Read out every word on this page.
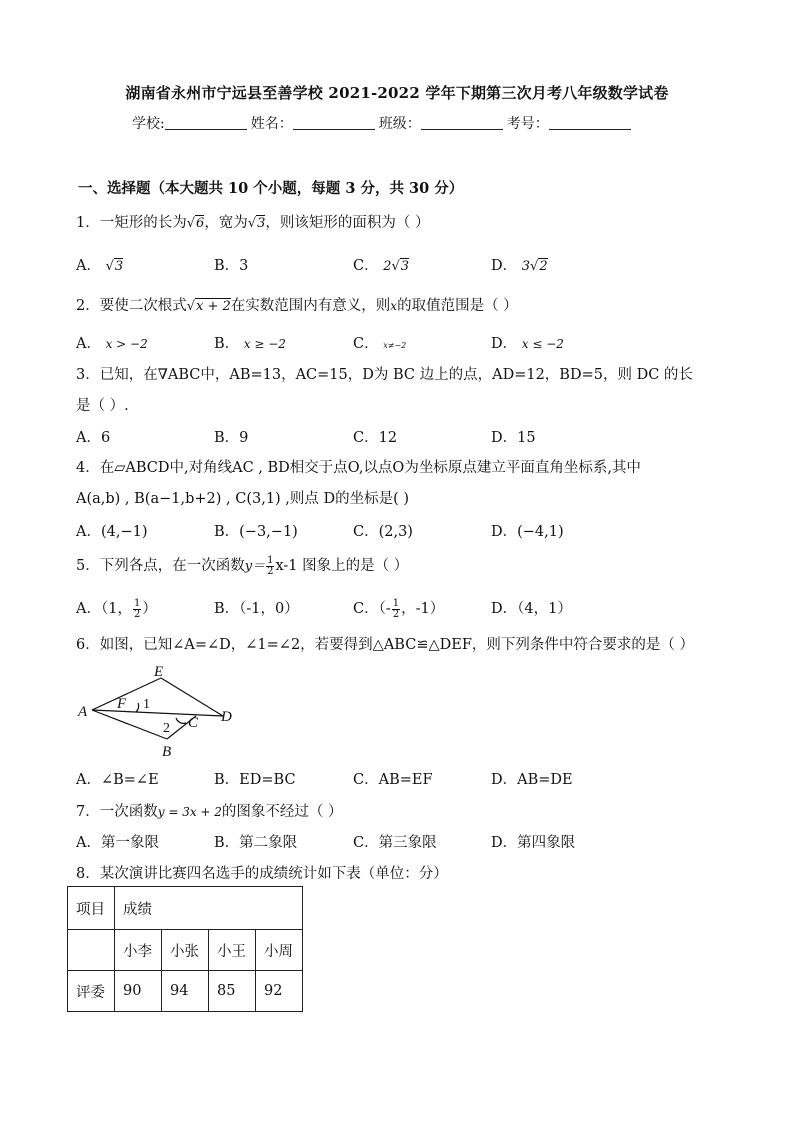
湖南省永州市宁远县至善学校 2021-2022 学年下期第三次月考八年级数学试卷
学校:	姓名：	班级：	考号：
一、选择题（本大题共 10 个小题，每题 3 分，共 30 分）
1．一矩形的长为√6，宽为√3，则该矩形的面积为（ ）
A． √3	B．3	C． 2√3	D． 3√2
2．要使二次根式√x + 2在实数范围内有意义，则x的取值范围是（ ）
A． x > −2	B． x ≥ −2	C． x≠−2	D． x ≤ −2
3．已知，在∇ABC中，AB=13，AC=15，D为 BC 边上的点，AD=12，BD=5，则 DC 的长
是（ ）.
A．6	B．9	C．12	D．15
4．在▱ABCD中,对角线AC , BD相交于点O,以点O为坐标原点建立平面直角坐标系,其中
A(a,b) , B(a−1,b+2) , C(3,1) ,则点 D的坐标是( )
A．(4,−1)	B．(−3,−1)	C．(2,3)	D．(−4,1)
5．下列各点，在一次函数$y= \frac{1}{2} x-1$ 图象上的是（ ）
A．（1， $\frac{1}{2}$ ）	B．（-1，0）	C．（- $\frac{1}{2}$ ，-1）	D．（4，1）
6．如图，已知∠A=∠D，∠1=∠2，若要得到△ABC≌△DEF，则下列条件中符合要求的是（ ）
A
E
F
C D
B
1
2
A．∠B=∠E	B．ED=BC	C．AB=EF	D．AB=DE
7．一次函数y = 3x + 2的图象不经过（ ）
A．第一象限	B．第二象限	C．第三象限	D．第四象限
8．某次演讲比赛四名选手的成绩统计如下表（单位：分）
项目	成绩			
	小李	小张	小王	小周
评委	90	94	85	92
